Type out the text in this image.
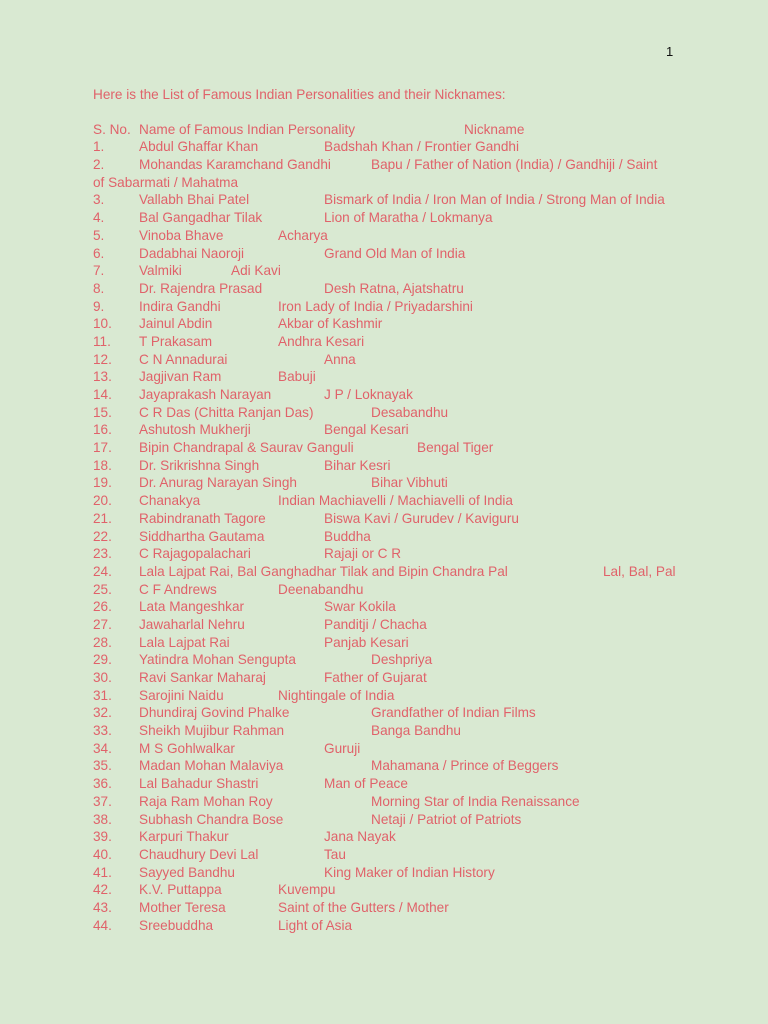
1

Here is the List of Famous Indian Personalities and their Nicknames:

S. No. Name of Famous Indian Personality	Nickname
1.	Abdul Ghaffar Khan	Badshah Khan / Frontier Gandhi
2.	Mohandas Karamchand Gandhi	Bapu / Father of Nation (India) / Gandhiji / Saint
of Sabarmati / Mahatma
3.	Vallabh Bhai Patel	Bismark of India / Iron Man of India / Strong Man of India
4.	Bal Gangadhar Tilak	Lion of Maratha / Lokmanya
5.	Vinoba Bhave	Acharya
6.	Dadabhai Naoroji	Grand Old Man of India
7.	Valmiki	Adi Kavi
8.	Dr. Rajendra Prasad	Desh Ratna, Ajatshatru
9.	Indira Gandhi	Iron Lady of India / Priyadarshini
10. Jainul Abdin	Akbar of Kashmir
11. T Prakasam	Andhra Kesari
12. C N Annadurai	Anna
13. Jagjivan Ram	Babuji
14. Jayaprakash Narayan	J P / Loknayak
15. C R Das (Chitta Ranjan Das)	Desabandhu
16. Ashutosh Mukherji	Bengal Kesari
17. Bipin Chandrapal & Saurav Ganguli	Bengal Tiger
18. Dr. Srikrishna Singh	Bihar Kesri
19. Dr. Anurag Narayan Singh	Bihar Vibhuti
20. Chanakya	Indian Machiavelli / Machiavelli of India
21. Rabindranath Tagore	Biswa Kavi / Gurudev / Kaviguru
22. Siddhartha Gautama	Buddha
23. C Rajagopalachari	Rajaji or C R
24. Lala Lajpat Rai, Bal Ganghadhar Tilak and Bipin Chandra Pal	Lal, Bal, Pal
25. C F Andrews	Deenabandhu
26. Lata Mangeshkar	Swar Kokila
27. Jawaharlal Nehru	Panditji / Chacha
28. Lala Lajpat Rai	Panjab Kesari
29. Yatindra Mohan Sengupta	Deshpriya
30. Ravi Sankar Maharaj	Father of Gujarat
31. Sarojini Naidu	Nightingale of India
32. Dhundiraj Govind Phalke	Grandfather of Indian Films
33. Sheikh Mujibur Rahman	Banga Bandhu
34. M S Gohlwalkar	Guruji
35. Madan Mohan Malaviya	Mahamana / Prince of Beggers
36. Lal Bahadur Shastri	Man of Peace
37. Raja Ram Mohan Roy	Morning Star of India Renaissance
38. Subhash Chandra Bose	Netaji / Patriot of Patriots
39. Karpuri Thakur	Jana Nayak
40. Chaudhury Devi Lal	Tau
41. Sayyed Bandhu	King Maker of Indian History
42. K.V. Puttappa	Kuvempu
43. Mother Teresa	Saint of the Gutters / Mother
44. Sreebuddha	Light of Asia
